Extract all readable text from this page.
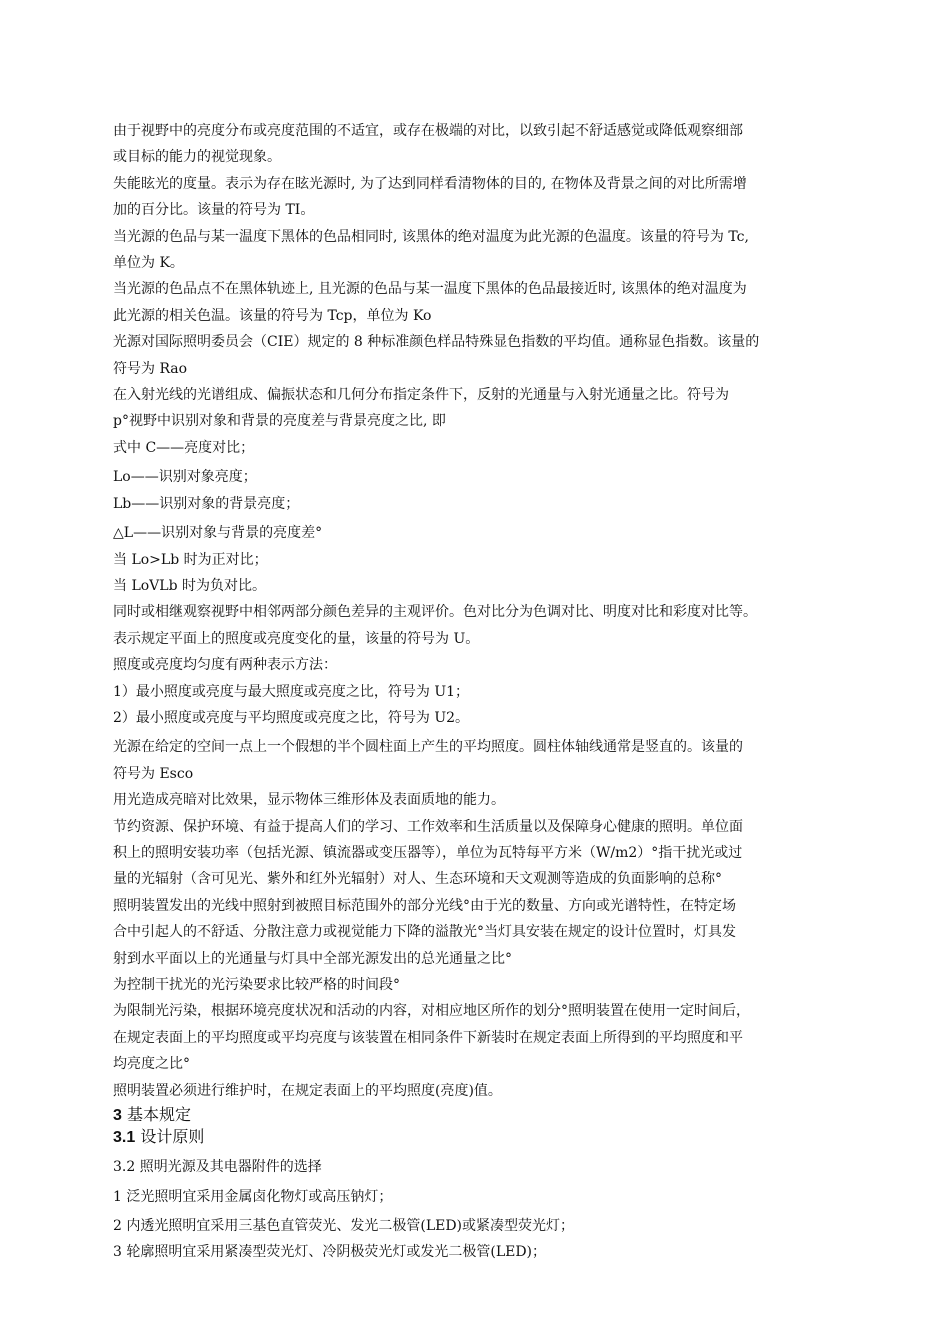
由于视野中的亮度分布或亮度范围的不适宜，或存在极端的对比，以致引起不舒适感觉或降低观察细部
或目标的能力的视觉现象。
失能眩光的度量。表示为存在眩光源时, 为了达到同样看清物体的目的, 在物体及背景之间的对比所需增
加的百分比。该量的符号为 TI。
当光源的色品与某一温度下黑体的色品相同时, 该黑体的绝对温度为此光源的色温度。该量的符号为 Tc,
单位为 K。
当光源的色品点不在黑体轨迹上, 且光源的色品与某一温度下黑体的色品最接近时, 该黑体的绝对温度为
此光源的相关色温。该量的符号为 Tcp，单位为 Ko
光源对国际照明委员会（CIE）规定的 8 种标准颜色样品特殊显色指数的平均值。通称显色指数。该量的
符号为 Rao
在入射光线的光谱组成、偏振状态和几何分布指定条件下，反射的光通量与入射光通量之比。符号为
p°视野中识别对象和背景的亮度差与背景亮度之比, 即
式中 C——亮度对比；
Lo——识别对象亮度；
Lb——识别对象的背景亮度；
△L——识别对象与背景的亮度差°
当 Lo>Lb 时为正对比；
当 LoVLb 时为负对比。
同时或相继观察视野中相邻两部分颜色差异的主观评价。色对比分为色调对比、明度对比和彩度对比等。
表示规定平面上的照度或亮度变化的量，该量的符号为 U。
照度或亮度均匀度有两种表示方法：
1）最小照度或亮度与最大照度或亮度之比，符号为 U1；
2）最小照度或亮度与平均照度或亮度之比，符号为 U2。
光源在给定的空间一点上一个假想的半个圆柱面上产生的平均照度。圆柱体轴线通常是竖直的。该量的
符号为 Esco
用光造成亮暗对比效果，显示物体三维形体及表面质地的能力。
节约资源、保护环境、有益于提高人们的学习、工作效率和生活质量以及保障身心健康的照明。单位面
积上的照明安装功率（包括光源、镇流器或变压器等），单位为瓦特每平方米（W/m2）°指干扰光或过
量的光辐射（含可见光、紫外和红外光辐射）对人、生态环境和天文观测等造成的负面影响的总称°
照明装置发出的光线中照射到被照目标范围外的部分光线°由于光的数量、方向或光谱特性，在特定场
合中引起人的不舒适、分散注意力或视觉能力下降的溢散光°当灯具安装在规定的设计位置时，灯具发
射到水平面以上的光通量与灯具中全部光源发出的总光通量之比°
为控制干扰光的光污染要求比较严格的时间段°
为限制光污染，根据环境亮度状况和活动的内容，对相应地区所作的划分°照明装置在使用一定时间后，
在规定表面上的平均照度或平均亮度与该装置在相同条件下新装时在规定表面上所得到的平均照度和平
均亮度之比°
照明装置必须进行维护时，在规定表面上的平均照度(亮度)值。
3 基本规定
3.1 设计原则
3.2 照明光源及其电器附件的选择
1 泛光照明宜采用金属卤化物灯或高压钠灯；
2 内透光照明宜采用三基色直管荧光、发光二极管(LED)或紧凑型荧光灯；
3 轮廓照明宜采用紧凑型荧光灯、冷阴极荧光灯或发光二极管(LED)；
